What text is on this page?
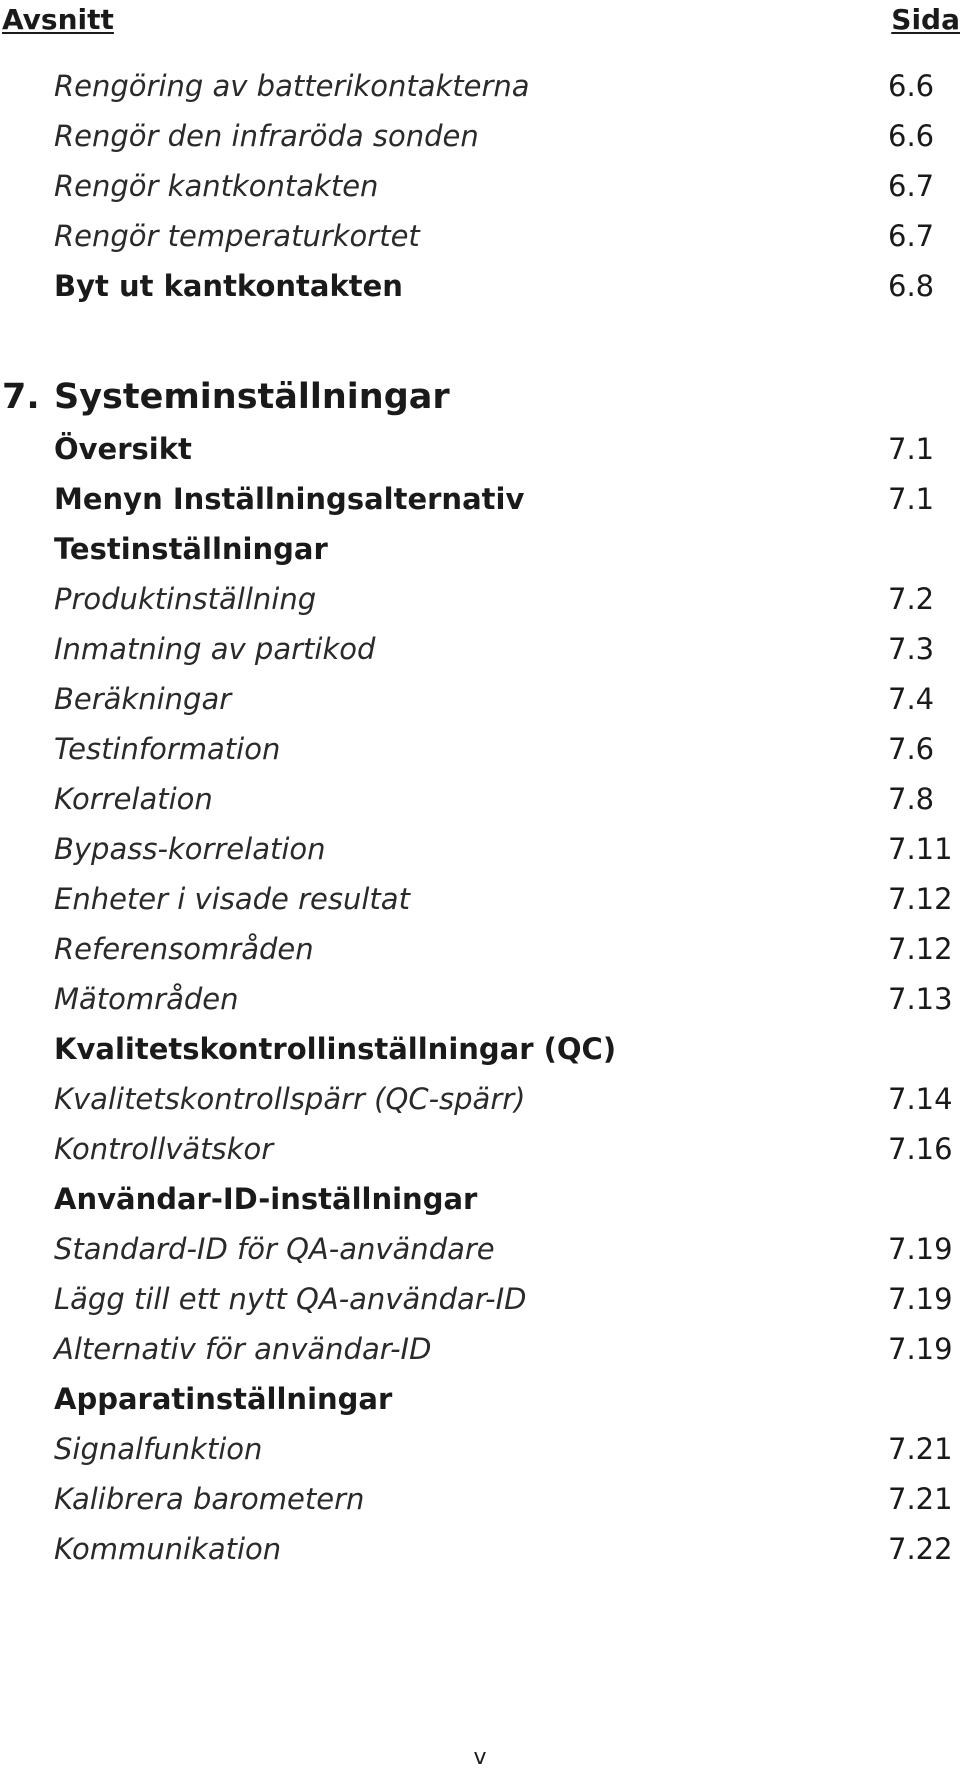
Avsnitt	Sida
Rengöring av batterikontakterna	6.6
Rengör den infraröda sonden	6.6
Rengör kantkontakten	6.7
Rengör temperaturkortet	6.7
Byt ut kantkontakten	6.8
7. Systeminställningar
Översikt	7.1
Menyn Inställningsalternativ	7.1
Testinställningar
Produktinställning	7.2
Inmatning av partikod	7.3
Beräkningar	7.4
Testinformation	7.6
Korrelation	7.8
Bypass-korrelation	7.11
Enheter i visade resultat	7.12
Referensområden	7.12
Mätområden	7.13
Kvalitetskontrollinställningar (QC)
Kvalitetskontrollspärr (QC-spärr)	7.14
Kontrollvätskor	7.16
Användar-ID-inställningar
Standard-ID för QA-användare	7.19
Lägg till ett nytt QA-användar-ID	7.19
Alternativ för användar-ID	7.19
Apparatinställningar
Signalfunktion	7.21
Kalibrera barometern	7.21
Kommunikation	7.22
v
